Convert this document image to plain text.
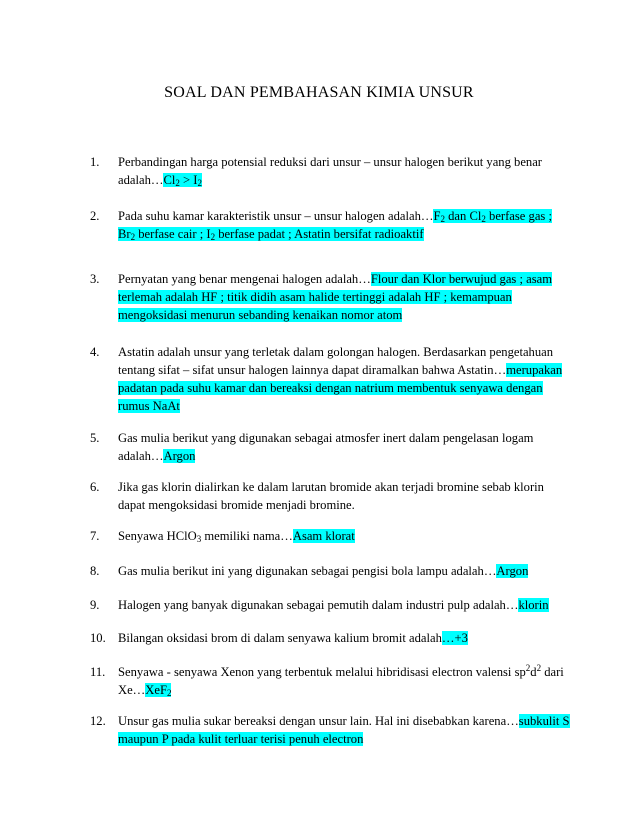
SOAL DAN PEMBAHASAN KIMIA UNSUR
1. Perbandingan harga potensial reduksi dari unsur – unsur halogen berikut yang benar $adalah\dots Cl_2 > I_2$
2. Pada suhu kamar karakteristik unsur – unsur halogen $adalah\dots F_2$ dan $Cl_2$ berfase gas ; $Br_2$ berfase cair ; $I_2$ berfase padat ; Astatin bersifat radioaktif
3. Pernyatan yang benar mengenai halogen adalah…Flour dan Klor berwujud gas ; asam terlemah adalah HF ; titik didih asam halide tertinggi adalah HF ; kemampuan mengoksidasi menurun sebanding kenaikan nomor atom
4. Astatin adalah unsur yang terletak dalam golongan halogen. Berdasarkan pengetahuan tentang sifat – sifat unsur halogen lainnya dapat diramalkan bahwa Astatin…merupakan padatan pada suhu kamar dan bereaksi dengan natrium membentuk senyawa dengan rumus NaAt
5. Gas mulia berikut yang digunakan sebagai atmosfer inert dalam pengelasan logam adalah…Argon
6. Jika gas klorin dialirkan ke dalam larutan bromide akan terjadi bromine sebab klorin dapat mengoksidasi bromide menjadi bromine.
7. Senyawa HClO$_3$ memiliki nama…Asam klorat
8. Gas mulia berikut ini yang digunakan sebagai pengisi bola lampu adalah…Argon
9. Halogen yang banyak digunakan sebagai pemutih dalam industri pulp adalah…klorin
10. Bilangan oksidasi brom di dalam senyawa kalium bromit adalah…+3
11. Senyawa - senyawa Xenon yang terbentuk melalui hibridisasi electron valensi $sp^2d^2$ dari Xe…XeF$_2$
12. Unsur gas mulia sukar bereaksi dengan unsur lain. Hal ini disebabkan karena…subkulit S maupun P pada kulit terluar terisi penuh electron
